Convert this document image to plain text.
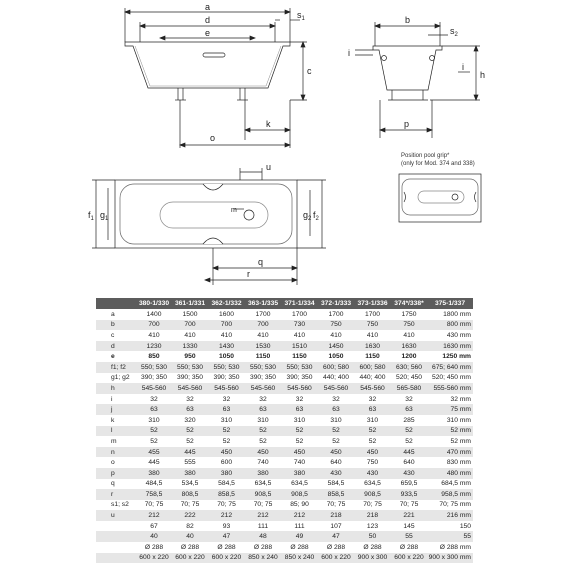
a
d	$s_1$
e
c
k
o
b
$s_2$
i
i
h
p
u
$f_1$ $g_1$	$g_2$ $f_2$
m
q
r
Position pool grip*
(only for Mod. 374 and 338)
	380-1/330	361-1/331	362-1/332	363-1/335	371-1/334	372-1/333	373-1/336	374*/338*	375-1/337
a	1400	1500	1600	1700	1700	1700	1700	1750	1800 mm
b	700	700	700	700	730	750	750	750	800 mm
c	410	410	410	410	410	410	410	410	430 mm
d	1230	1330	1430	1530	1510	1450	1630	1630	1630 mm
e	850	950	1050	1150	1150	1050	1150	1200	1250 mm
f1; f2	550; 530	550; 530	550; 530	550; 530	550; 530	600; 580	600; 580	630; 560	675; 640 mm
g1; g2	390; 350	390; 350	390; 350	390; 350	390; 350	440; 400	440; 400	520; 450	520; 450 mm
h	545-560	545-560	545-560	545-560	545-560	545-560	545-560	565-580	555-560 mm
i	32	32	32	32	32	32	32	32	32 mm
j	63	63	63	63	63	63	63	63	75 mm
k	310	320	310	310	310	310	310	285	310 mm
l	52	52	52	52	52	52	52	52	52 mm
m	52	52	52	52	52	52	52	52	52 mm
n	455	445	450	450	450	450	450	445	470 mm
o	445	555	600	740	740	640	750	640	830 mm
p	380	380	380	380	380	430	430	430	480 mm
q	484,5	534,5	584,5	634,5	634,5	584,5	634,5	659,5	684,5 mm
r	758,5	808,5	858,5	908,5	908,5	858,5	908,5	933,5	958,5 mm
s1; s2	70; 75	70; 75	70; 75	70; 75	85; 90	70; 75	70; 75	70; 75	70; 75 mm
u	212	222	212	212	212	218	218	221	216 mm
	67	82	93	111	111	107	123	145	150
	40	40	47	48	49	47	50	55	55
	Ø 288	Ø 288	Ø 288	Ø 288	Ø 288	Ø 288	Ø 288	Ø 288	Ø 288 mm
	600 x 220	600 x 220	600 x 220	850 x 240	850 x 240	600 x 220	900 x 300	600 x 220	900 x 300 mm
